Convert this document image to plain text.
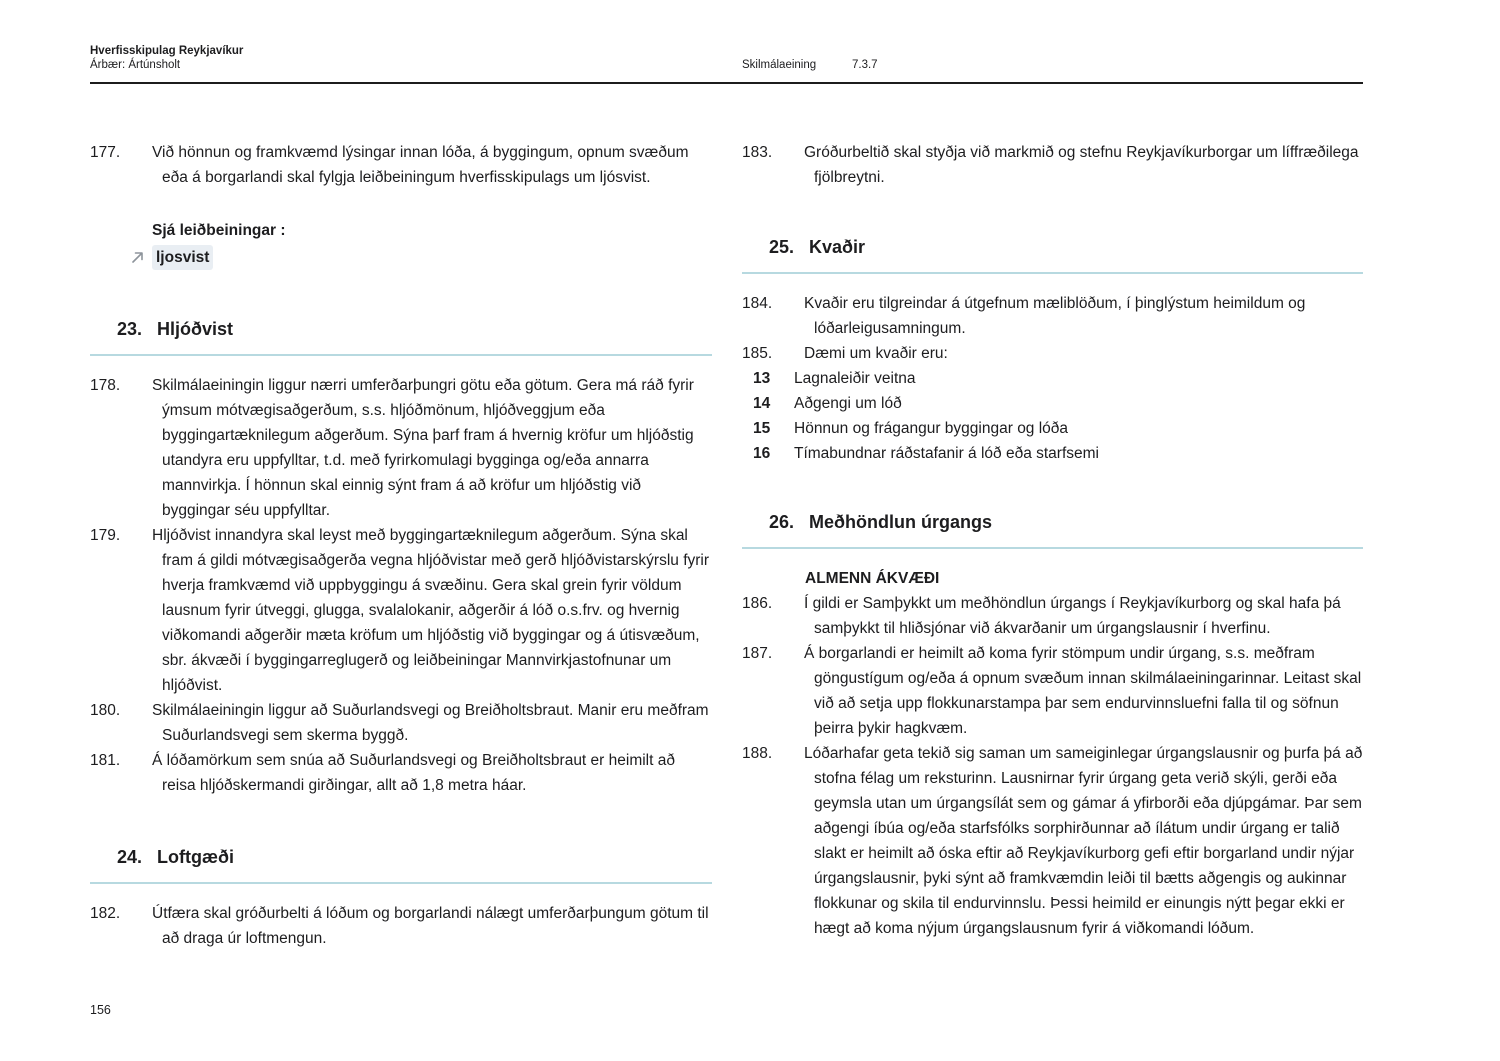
Hverfisskipulag Reykjavíkur
Árbær: Ártúnsholt	Skilmálaeining	7.3.7
177.	Við hönnun og framkvæmd lýsingar innan lóða, á byggingum, opnum svæðum eða á borgarlandi skal fylgja leiðbeiningum hverfisskipulags um ljósvist.
Sjá leiðbeiningar :
ljosvist
23. Hljóðvist
178.	Skilmálaeiningin liggur nærri umferðarþungri götu eða götum. Gera má ráð fyrir ýmsum mótvægisaðgerðum, s.s. hljóðmönum, hljóðveggjum eða byggingartæknilegum aðgerðum. Sýna þarf fram á hvernig kröfur um hljóðstig utandyra eru uppfylltar, t.d. með fyrirkomulagi bygginga og/eða annarra mannvirkja. Í hönnun skal einnig sýnt fram á að kröfur um hljóðstig við byggingar séu uppfylltar.
179.	Hljóðvist innandyra skal leyst með byggingartæknilegum aðgerðum. Sýna skal fram á gildi mótvægisaðgerða vegna hljóðvistar með gerð hljóðvistarskýrslu fyrir hverja framkvæmd við uppbyggingu á svæðinu. Gera skal grein fyrir völdum lausnum fyrir útveggi, glugga, svalalokanir, aðgerðir á lóð o.s.frv. og hvernig viðkomandi aðgerðir mæta kröfum um hljóðstig við byggingar og á útisvæðum, sbr. ákvæði í byggingarreglugerð og leiðbeiningar Mannvirkjastofnunar um hljóðvist.
180.	Skilmálaeiningin liggur að Suðurlandsvegi og Breiðholtsbraut. Manir eru meðfram Suðurlandsvegi sem skerma byggð.
181.	Á lóðamörkum sem snúa að Suðurlandsvegi og Breiðholtsbraut er heimilt að reisa hljóðskermandi girðingar, allt að 1,8 metra háar.
24. Loftgæði
182.	Útfæra skal gróðurbelti á lóðum og borgarlandi nálægt umferðarþungum götum til að draga úr loftmengun.
183.	Gróðurbeltið skal styðja við markmið og stefnu Reykjavíkurborgar um líffræðilega fjölbreytni.
25. Kvaðir
184.	Kvaðir eru tilgreindar á útgefnum mæliblöðum, í þinglýstum heimildum og lóðarleigusamningum.
185.	Dæmi um kvaðir eru:
13	Lagnaleiðir veitna
14	Aðgengi um lóð
15	Hönnun og frágangur byggingar og lóða
16	Tímabundnar ráðstafanir á lóð eða starfsemi
26. Meðhöndlun úrgangs
ALMENN ÁKVÆÐI
186.	Í gildi er Samþykkt um meðhöndlun úrgangs í Reykjavíkurborg og skal hafa þá samþykkt til hliðsjónar við ákvarðanir um úrgangslausnir í hverfinu.
187.	Á borgarlandi er heimilt að koma fyrir stömpum undir úrgang, s.s. meðfram göngustígum og/eða á opnum svæðum innan skilmálaeiningarinnar. Leitast skal við að setja upp flokkunarstampa þar sem endurvinnsluefni falla til og söfnun þeirra þykir hagkvæm.
188.	Lóðarhafar geta tekið sig saman um sameiginlegar úrgangslausnir og þurfa þá að stofna félag um reksturinn. Lausnirnar fyrir úrgang geta verið skýli, gerði eða geymsla utan um úrgangsílát sem og gámar á yfirborði eða djúpgámar. Þar sem aðgengi íbúa og/eða starfsfólks sorphirðunnar að ílátum undir úrgang er talið slakt er heimilt að óska eftir að Reykjavíkurborg gefi eftir borgarland undir nýjar úrgangslausnir, þyki sýnt að framkvæmdin leiði til bætts aðgengis og aukinnar flokkunar og skila til endurvinnslu. Þessi heimild er einungis nýtt þegar ekki er hægt að koma nýjum úrgangslausnum fyrir á viðkomandi lóðum.
156
